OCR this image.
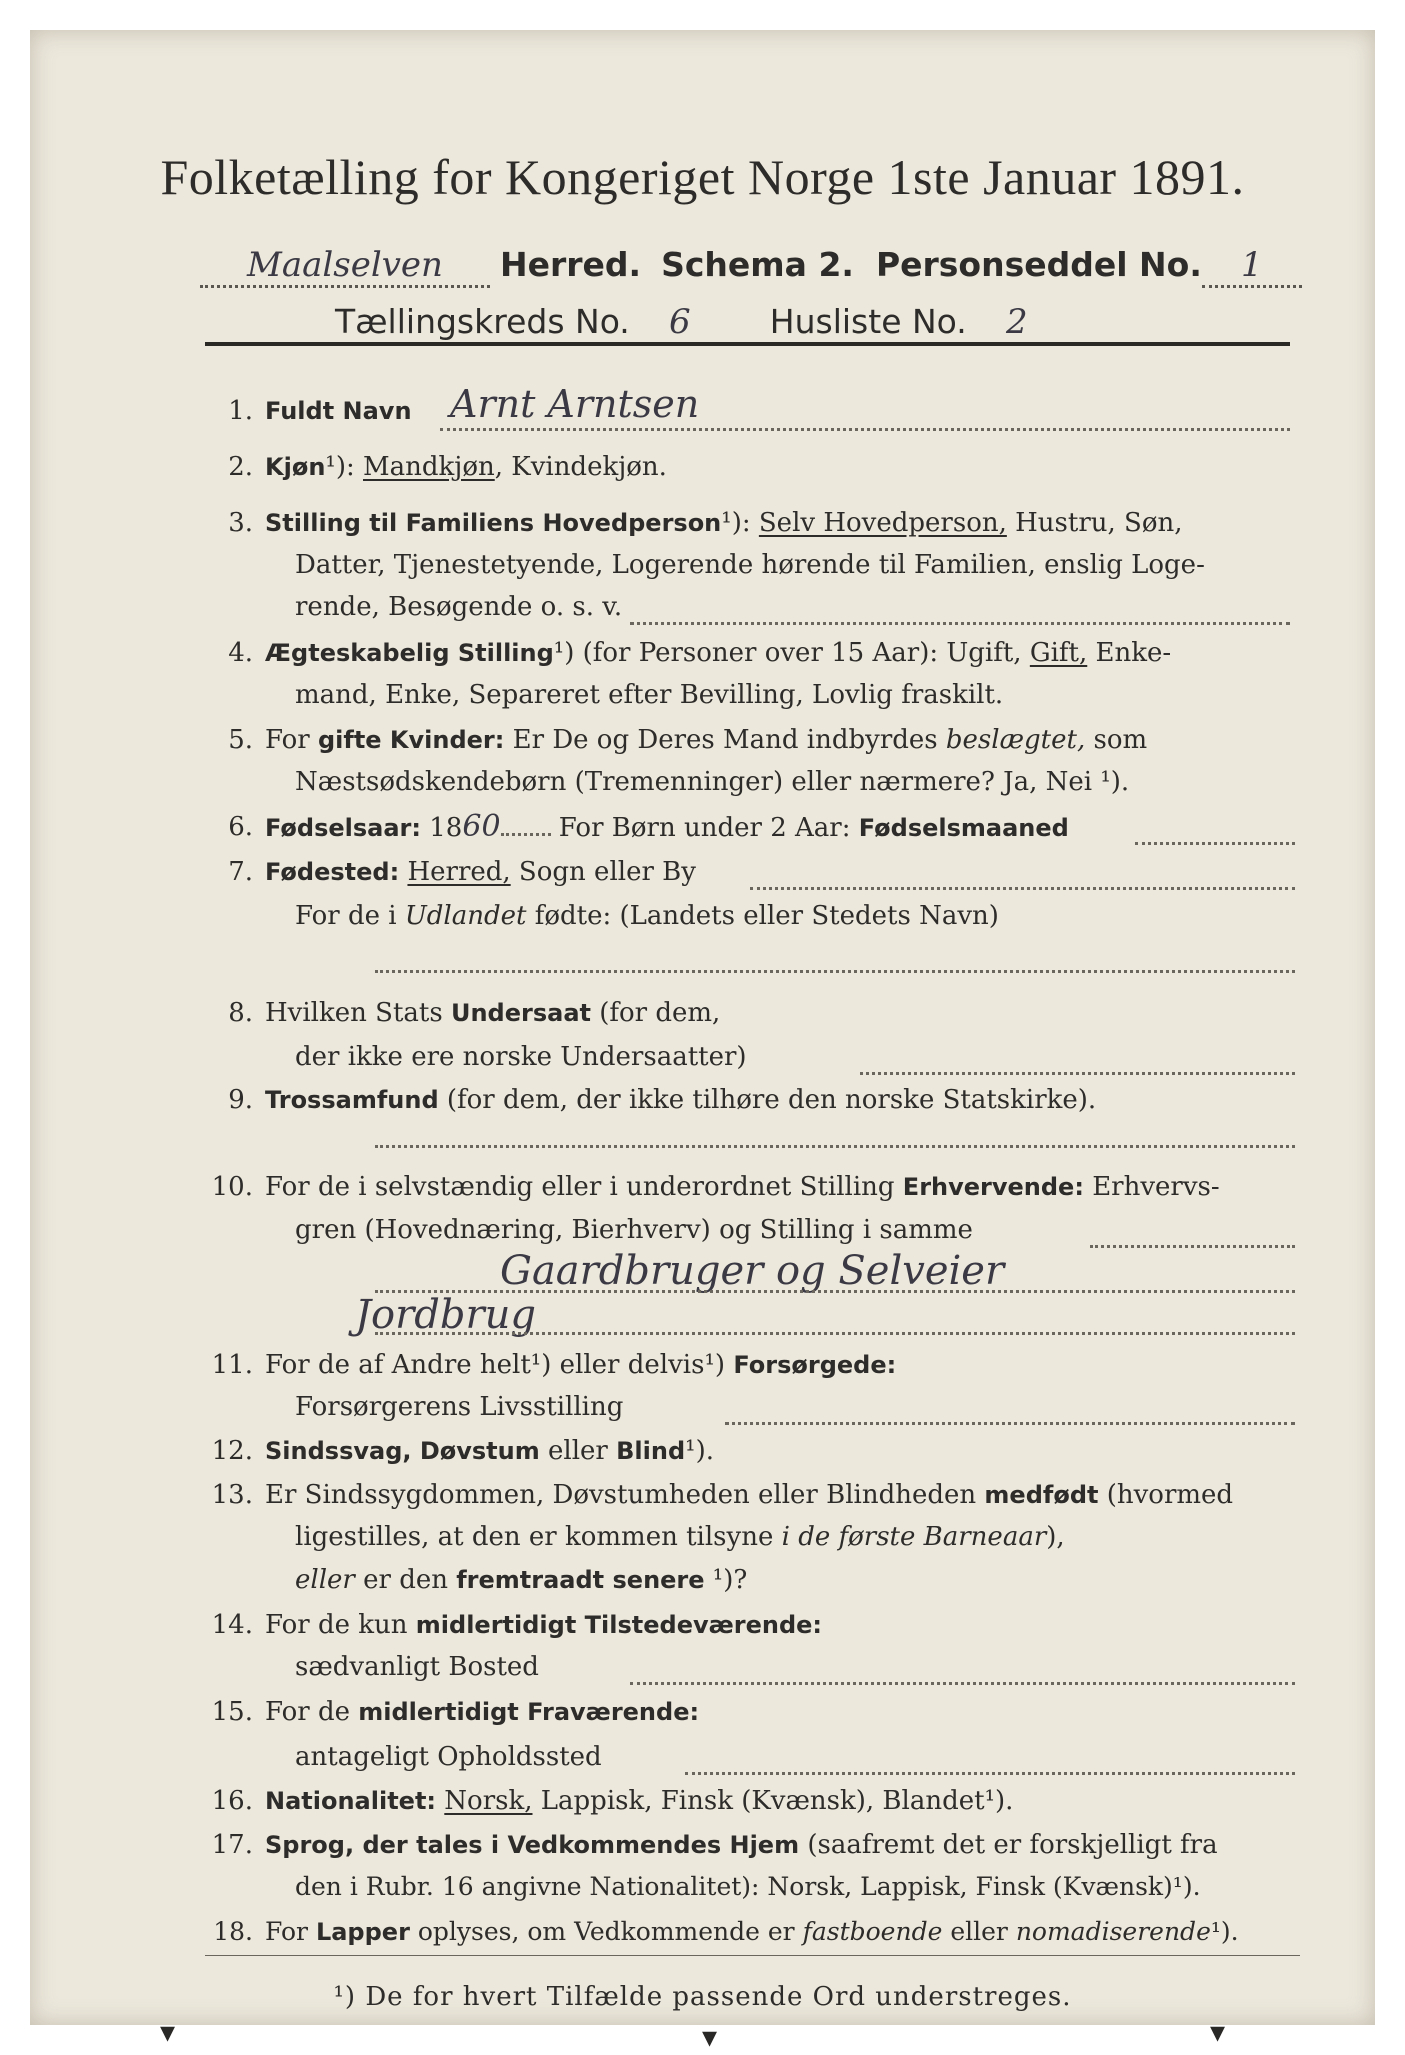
Folketælling for Kongeriget Norge 1ste Januar 1891.
Maalselven	Herred. Schema 2. Personseddel No.	1
Tællingskreds No.	6	Husliste No.	2
1. Fuldt Navn Arnt Arntsen
2. Kjøn¹): Mandkjøn, Kvindekjøn.
3. Stilling til Familiens Hovedperson¹): Selv Hovedperson, Hustru, Søn,
Datter, Tjenestetyende, Logerende hørende til Familien, enslig Loge-
rende, Besøgende o. s. v.
4. Ægteskabelig Stilling¹) (for Personer over 15 Aar): Ugift, Gift, Enke-
mand, Enke, Separeret efter Bevilling, Lovlig fraskilt.
5. For gifte Kvinder: Er De og Deres Mand indbyrdes beslægtet, som
Næstsødskendebørn (Tremenninger) eller nærmere? Ja, Nei ¹).
6. Fødselsaar: 1860 For Børn under 2 Aar: Fødselsmaaned
7. Fødested: Herred, Sogn eller By
For de i Udlandet fødte: (Landets eller Stedets Navn)
8. Hvilken Stats Undersaat (for dem,
der ikke ere norske Undersaatter)
9. Trossamfund (for dem, der ikke tilhøre den norske Statskirke).
10. For de i selvstændig eller i underordnet Stilling Erhvervende: Erhvervs-
gren (Hovednæring, Bierhverv) og Stilling i samme
Gaardbruger og Selveier
Jordbrug
11. For de af Andre helt¹) eller delvis¹) Forsørgede:
Forsørgerens Livsstilling
12. Sindssvag, Døvstum eller Blind¹).
13. Er Sindssygdommen, Døvstumheden eller Blindheden medfødt (hvormed
ligestilles, at den er kommen tilsyne i de første Barneaar),
eller er den fremtraadt senere ¹)?
14. For de kun midlertidigt Tilstedeværende:
sædvanligt Bosted
15. For de midlertidigt Fraværende:
antageligt Opholdssted
16. Nationalitet: Norsk, Lappisk, Finsk (Kvænsk), Blandet¹).
17. Sprog, der tales i Vedkommendes Hjem (saafremt det er forskjelligt fra
den i Rubr. 16 angivne Nationalitet): Norsk, Lappisk, Finsk (Kvænsk)¹).
18. For Lapper oplyses, om Vedkommende er fastboende eller nomadiserende¹).
¹) De for hvert Tilfælde passende Ord understreges.
▾	▾	▾
